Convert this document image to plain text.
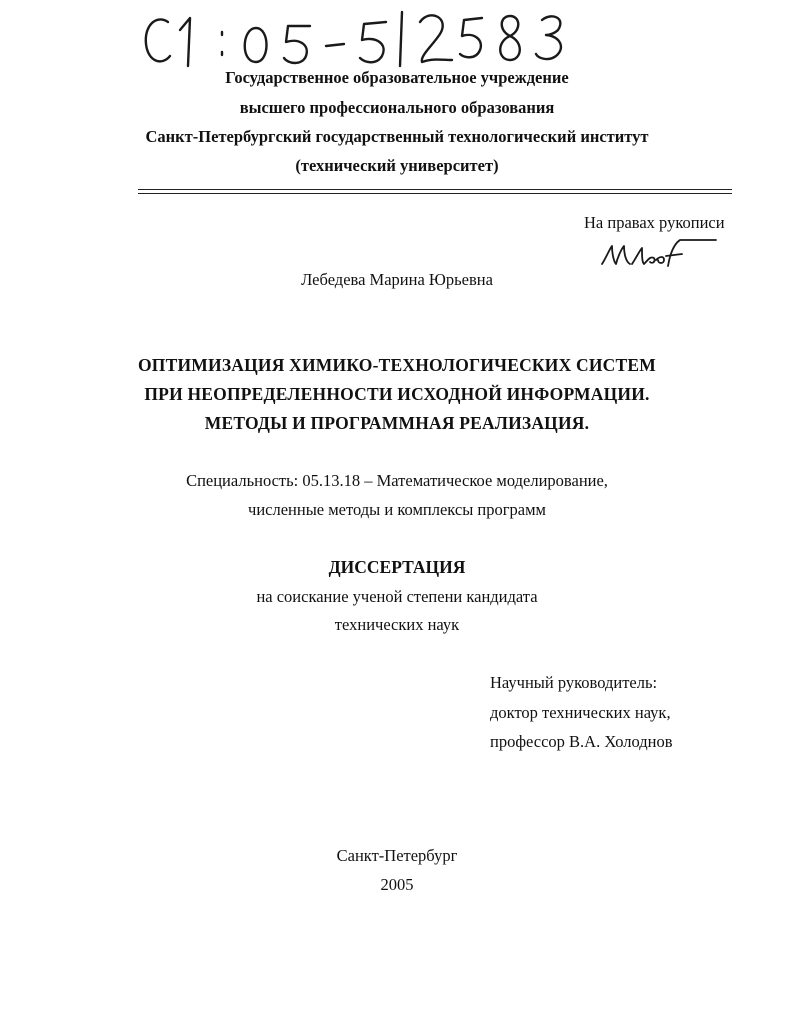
Государственное образовательное учреждение
высшего профессионального образования
Санкт-Петербургский государственный технологический институт
(технический университет)
На правах рукописи
Лебедева Марина Юрьевна
ОПТИМИЗАЦИЯ ХИМИКО-ТЕХНОЛОГИЧЕСКИХ СИСТЕМ
ПРИ НЕОПРЕДЕЛЕННОСТИ ИСХОДНОЙ ИНФОРМАЦИИ.
МЕТОДЫ И ПРОГРАММНАЯ РЕАЛИЗАЦИЯ.
Специальность: 05.13.18 – Математическое моделирование,
численные методы и комплексы программ
ДИССЕРТАЦИЯ
на соискание ученой степени кандидата
технических наук
Научный руководитель:
доктор технических наук,
профессор В.А. Холоднов
Санкт-Петербург
2005
